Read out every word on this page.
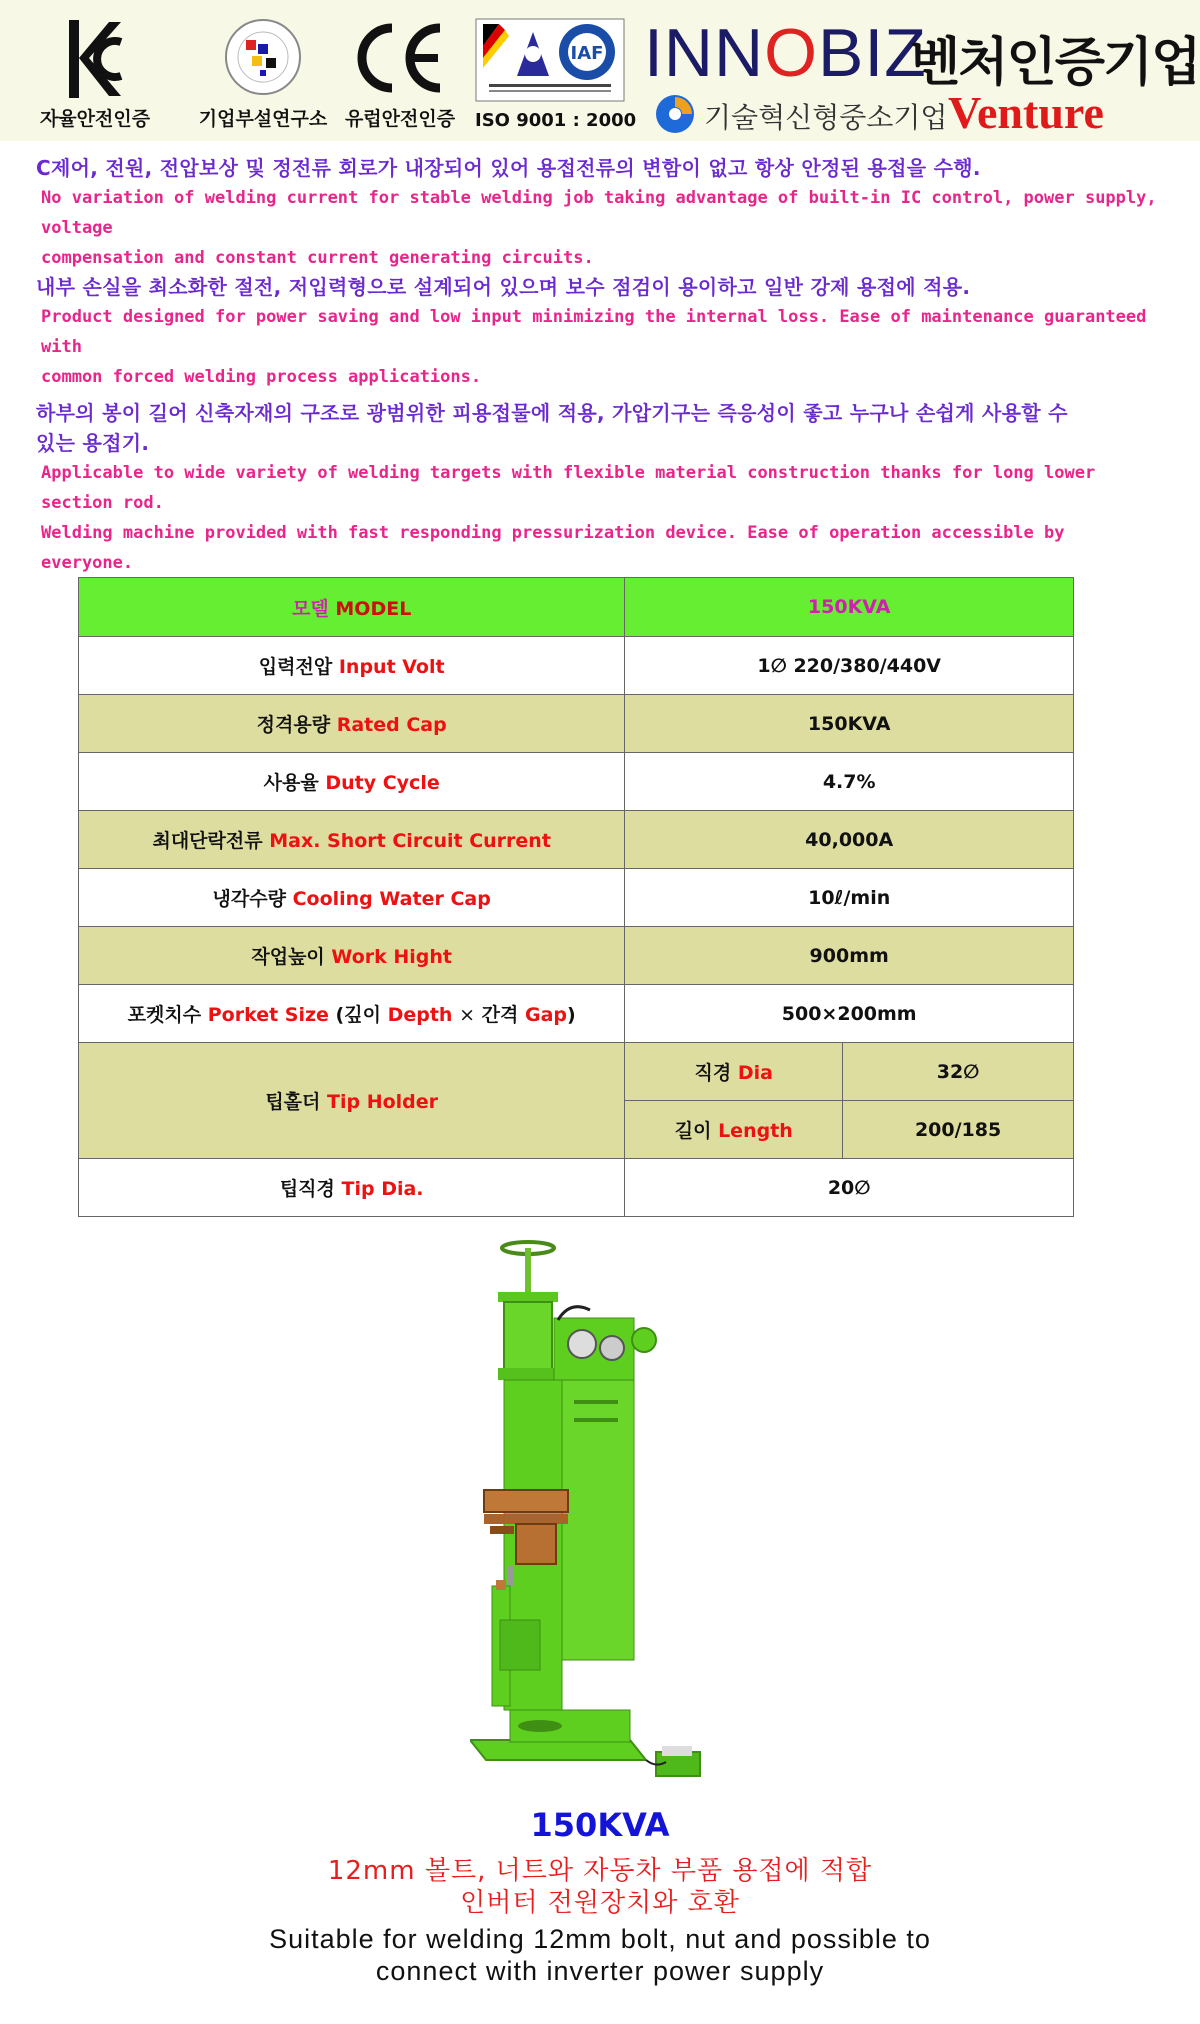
자율안전인증	기업부설연구소 유럽안전인증
IAF
ISO 9001 : 2000
INNOBIZ
기술혁신형중소기업
벤처인증기업
Venture
C제어, 전원, 전압보상 및 정전류 회로가 내장되어 있어 용접전류의 변함이 없고 항상 안정된 용접을 수행.
No variation of welding current for stable welding job taking advantage of built-in IC control, power supply, voltage
compensation and constant current generating circuits.
내부 손실을 최소화한 절전, 저입력형으로 설계되어 있으며 보수 점검이 용이하고 일반 강제 용접에 적용.
Product designed for power saving and low input minimizing the internal loss. Ease of maintenance guaranteed with
common forced welding process applications.
하부의 봉이 길어 신축자재의 구조로 광범위한 피용접물에 적용, 가압기구는 즉응성이 좋고 누구나 손쉽게 사용할 수
있는 용접기.
Applicable to wide variety of welding targets with flexible material construction thanks for long lower section rod.
Welding machine provided with fast responding pressurization device. Ease of operation accessible by everyone.
모델 MODEL	150KVA	
입력전압 Input Volt	1∅ 220/380/440V	
정격용량 Rated Cap	150KVA	
사용율 Duty Cycle	4.7%	
최대단락전류 Max. Short Circuit Current	40,000A	
냉각수량 Cooling Water Cap	10ℓ/min	
작업높이 Work Hight	900mm	
포켓치수 Porket Size (깊이 Depth × 간격 Gap)	500×200mm	
팁홀더 Tip Holder	직경 Dia	32∅
	길이 Length	200/185
팁직경 Tip Dia.	20∅	
150KVA
12mm 볼트, 너트와 자동차 부품 용접에 적합
인버터 전원장치와 호환
Suitable for welding 12mm bolt, nut and possible to
connect with inverter power supply
